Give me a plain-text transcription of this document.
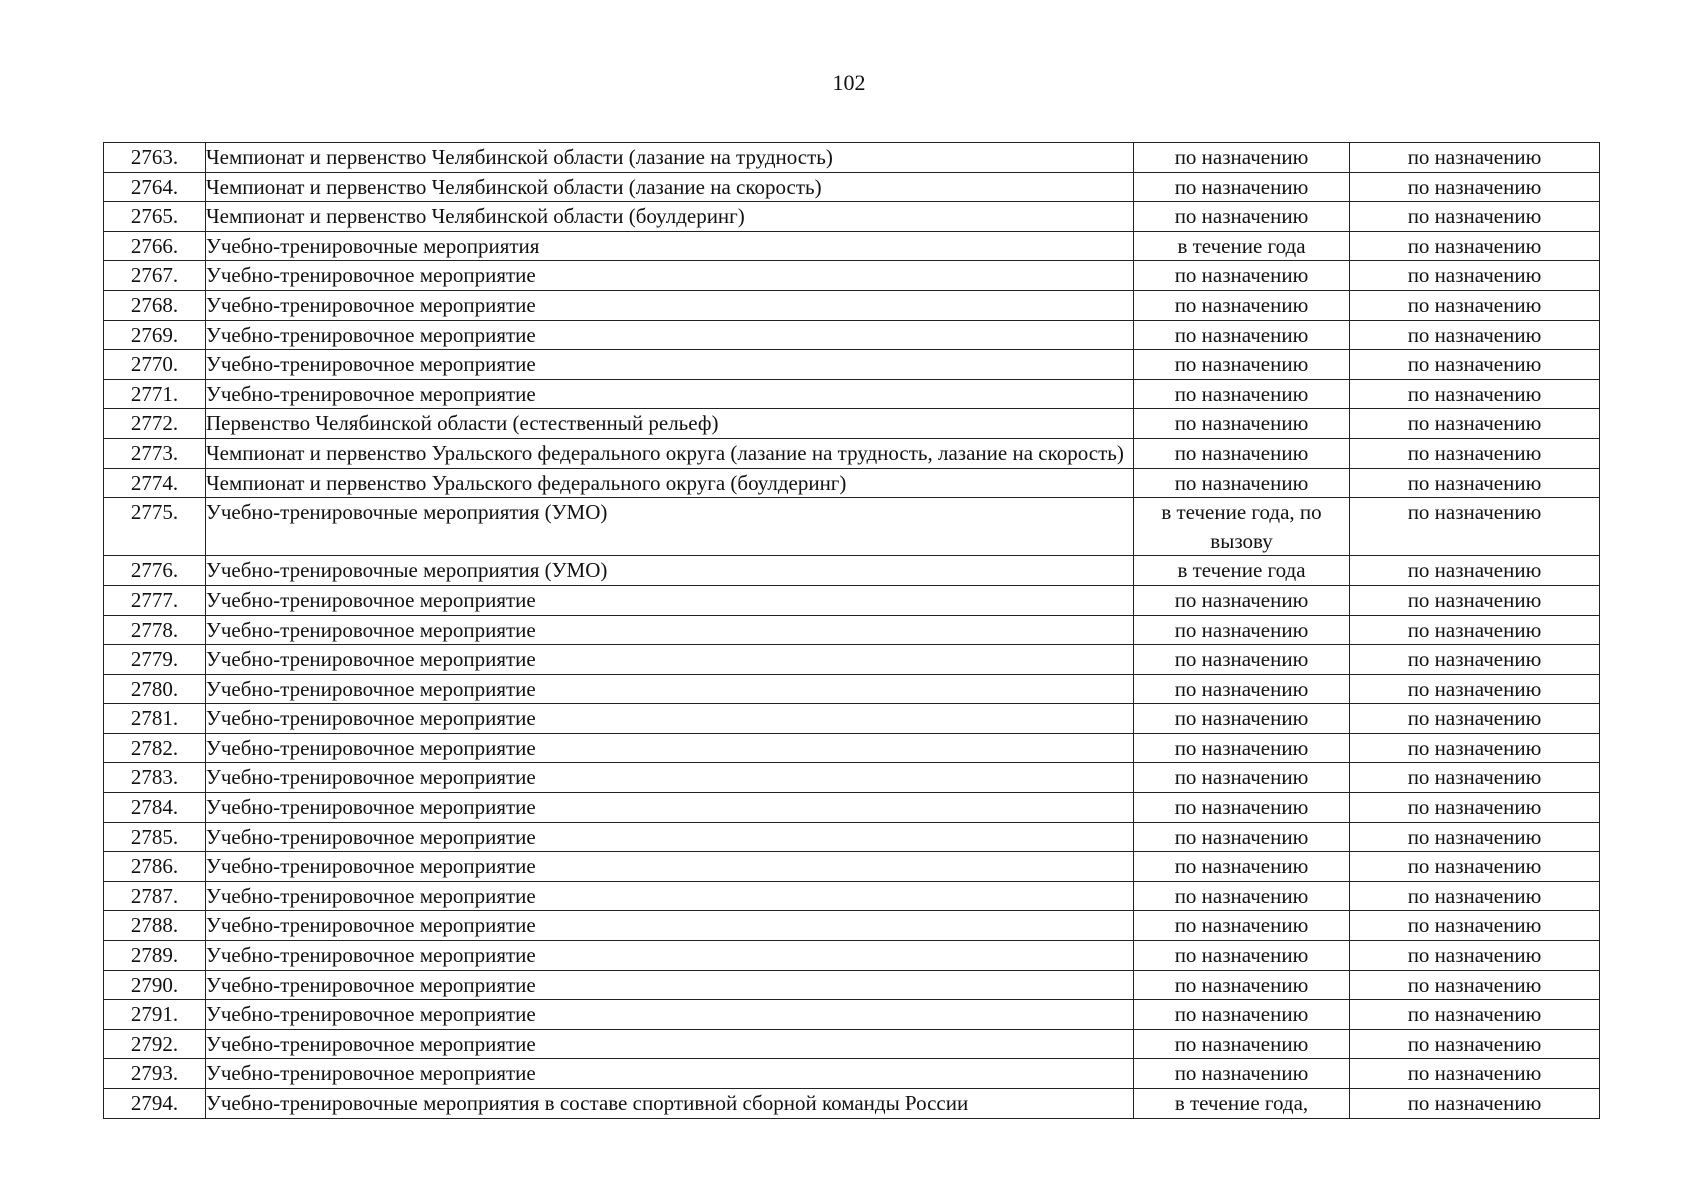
102
2763.	Чемпионат и первенство Челябинской области (лазание на трудность)	по назначению	по назначению
2764.	Чемпионат и первенство Челябинской области (лазание на скорость)	по назначению	по назначению
2765.	Чемпионат и первенство Челябинской области (боулдеринг)	по назначению	по назначению
2766.	Учебно-тренировочные мероприятия	в течение года	по назначению
2767.	Учебно-тренировочное мероприятие	по назначению	по назначению
2768.	Учебно-тренировочное мероприятие	по назначению	по назначению
2769.	Учебно-тренировочное мероприятие	по назначению	по назначению
2770.	Учебно-тренировочное мероприятие	по назначению	по назначению
2771.	Учебно-тренировочное мероприятие	по назначению	по назначению
2772.	Первенство Челябинской области (естественный рельеф)	по назначению	по назначению
2773.	Чемпионат и первенство Уральского федерального округа (лазание на трудность, лазание на скорость)	по назначению	по назначению
2774.	Чемпионат и первенство Уральского федерального округа (боулдеринг)	по назначению	по назначению
2775.	Учебно-тренировочные мероприятия (УМО)	в течение года, по вызову	по назначению
2776.	Учебно-тренировочные мероприятия (УМО)	в течение года	по назначению
2777.	Учебно-тренировочное мероприятие	по назначению	по назначению
2778.	Учебно-тренировочное мероприятие	по назначению	по назначению
2779.	Учебно-тренировочное мероприятие	по назначению	по назначению
2780.	Учебно-тренировочное мероприятие	по назначению	по назначению
2781.	Учебно-тренировочное мероприятие	по назначению	по назначению
2782.	Учебно-тренировочное мероприятие	по назначению	по назначению
2783.	Учебно-тренировочное мероприятие	по назначению	по назначению
2784.	Учебно-тренировочное мероприятие	по назначению	по назначению
2785.	Учебно-тренировочное мероприятие	по назначению	по назначению
2786.	Учебно-тренировочное мероприятие	по назначению	по назначению
2787.	Учебно-тренировочное мероприятие	по назначению	по назначению
2788.	Учебно-тренировочное мероприятие	по назначению	по назначению
2789.	Учебно-тренировочное мероприятие	по назначению	по назначению
2790.	Учебно-тренировочное мероприятие	по назначению	по назначению
2791.	Учебно-тренировочное мероприятие	по назначению	по назначению
2792.	Учебно-тренировочное мероприятие	по назначению	по назначению
2793.	Учебно-тренировочное мероприятие	по назначению	по назначению
2794.	Учебно-тренировочные мероприятия в составе спортивной сборной команды России	в течение года,	по назначению
